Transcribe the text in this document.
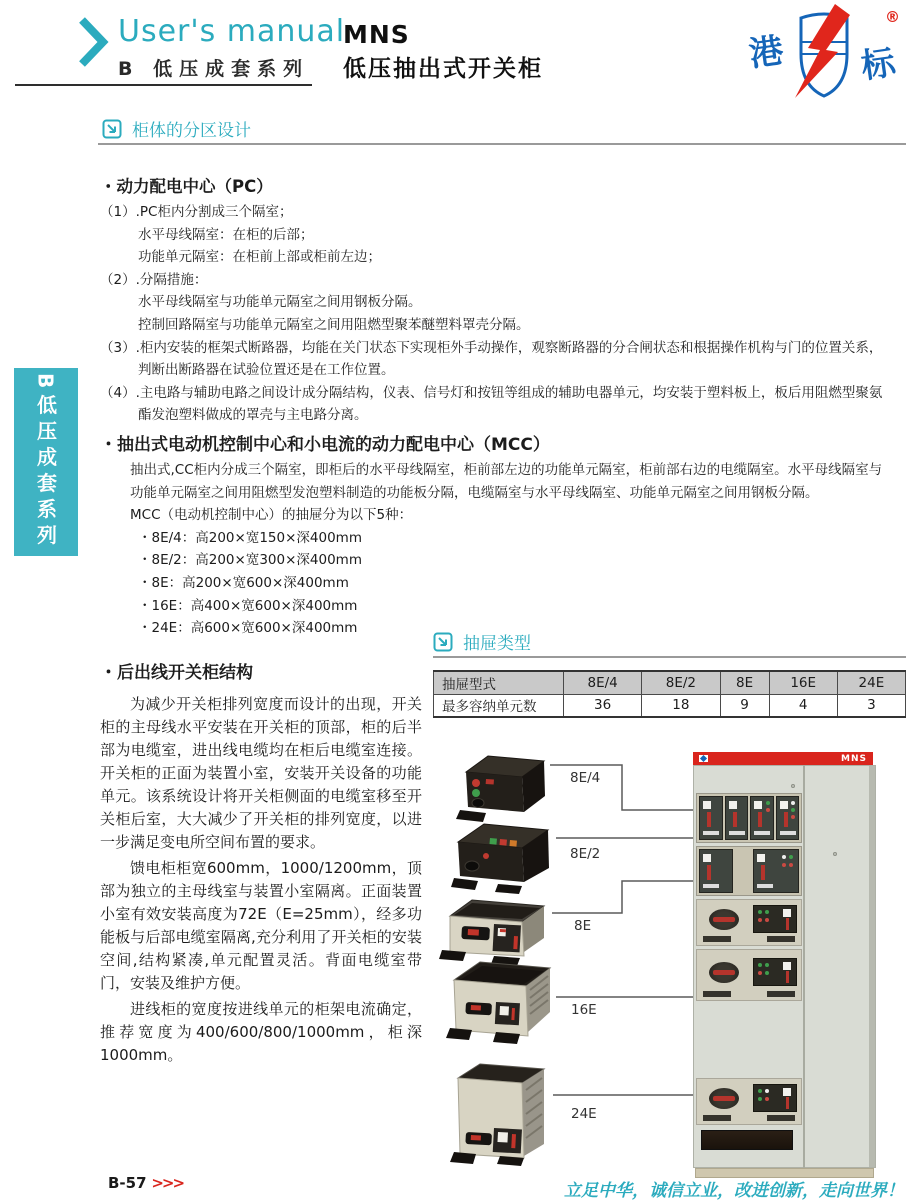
User's manual
B 低压成套系列
MNS
低压抽出式开关柜	港 标
®
B低压成套系列
柜体的分区设计
・动力配电中心（PC）
（1）.PC柜内分割成三个隔室；
水平母线隔室：在柜的后部；
功能单元隔室：在柜前上部或柜前左边；
（2）.分隔措施：
水平母线隔室与功能单元隔室之间用钢板分隔。
控制回路隔室与功能单元隔室之间用阻燃型聚苯醚塑料罩壳分隔。
（3）.柜内安装的框架式断路器，均能在关门状态下实现柜外手动操作，观察断路器的分合闸状态和根据操作机构与门的位置关系，
判断出断路器在试验位置还是在工作位置。
（4）.主电路与辅助电路之间设计成分隔结构，仪表、信号灯和按钮等组成的辅助电器单元，均安装于塑料板上，板后用阻燃型聚氨
酯发泡塑料做成的罩壳与主电路分离。
・抽出式电动机控制中心和小电流的动力配电中心（MCC）
抽出式,CC柜内分成三个隔室，即柜后的水平母线隔室，柜前部左边的功能单元隔室，柜前部右边的电缆隔室。水平母线隔室与
功能单元隔室之间用阻燃型发泡塑料制造的功能板分隔，电缆隔室与水平母线隔室、功能单元隔室之间用钢板分隔。
MCC（电动机控制中心）的抽屉分为以下5种：
・8E/4：高200×宽150×深400mm
・8E/2：高200×宽300×深400mm
・8E：高200×宽600×深400mm
・16E：高400×宽600×深400mm
・24E：高600×宽600×深400mm
・后出线开关柜结构

为减少开关柜排列宽度而设计的出现，开关柜的主母线水平安装在开关柜的顶部，柜的后半部为电缆室，进出线电缆均在柜后电缆室连接。开关柜的正面为装置小室，安装开关设备的功能单元。该系统设计将开关柜侧面的电缆室移至开关柜后室，大大减少了开关柜的排列宽度，以进一步满足变电所空间布置的要求。

馈电柜柜宽600mm，1000/1200mm，顶部为独立的主母线室与装置小室隔离。正面装置小室有效安装高度为72E（E=25mm），经多功能板与后部电缆室隔离,充分利用了开关柜的安装空间,结构紧凑,单元配置灵活。背面电缆室带门，安装及维护方便。

进线柜的宽度按进线单元的柜架电流确定，推荐宽度为400/600/800/1000mm，柜深1000mm。

抽屉类型
抽屉型式	8E/4	8E/2	8E	16E	24E
最多容纳单元数	36	18	9	4	3
8E/4
8E/2
8E
16E
24E
MNS
B-57 >>>	立足中华，诚信立业，改进创新，走向世界！
